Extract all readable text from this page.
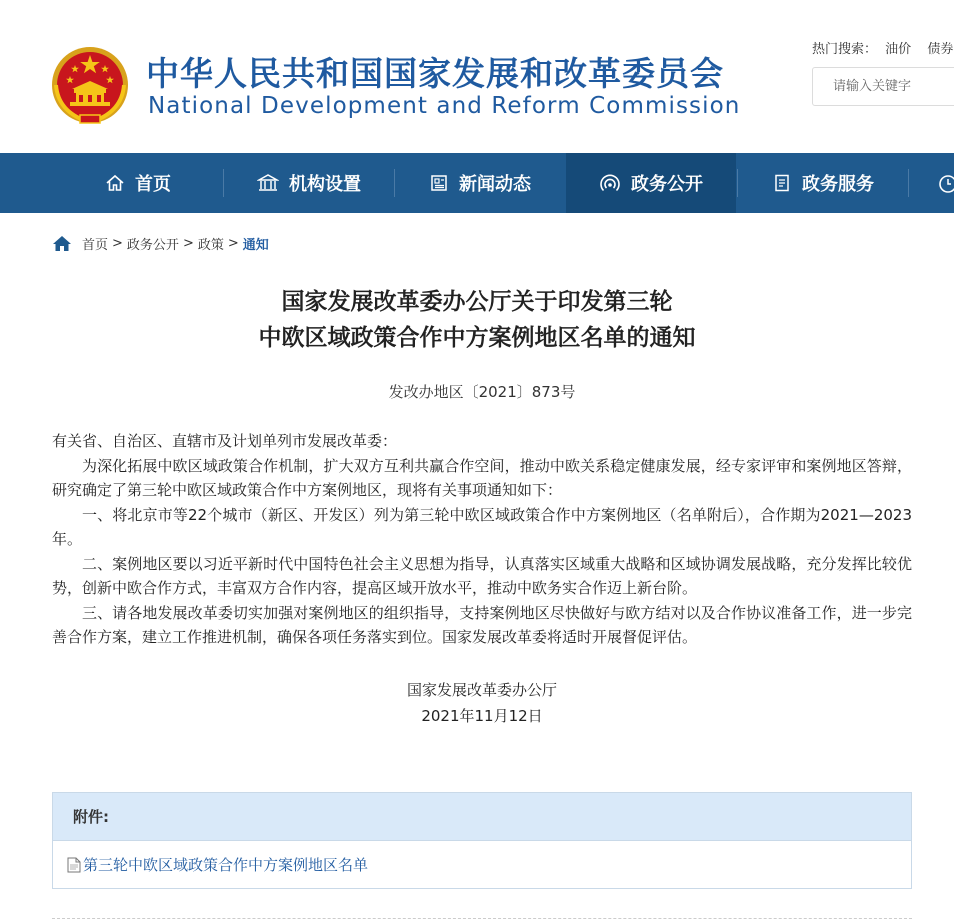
中华人民共和国国家发展和改革委员会
National Development and Reform Commission
热门搜索： 油价 债券
请输入关键字
首页	机构设置	新闻动态	政务公开	政务服务
首页 > 政务公开 > 政策 > 通知
国家发展改革委办公厅关于印发第三轮
中欧区域政策合作中方案例地区名单的通知
发改办地区〔2021〕873号

有关省、自治区、直辖市及计划单列市发展改革委：

为深化拓展中欧区域政策合作机制，扩大双方互利共赢合作空间，推动中欧关系稳定健康发展，经专家评审和案例地区答辩，研究确定了第三轮中欧区域政策合作中方案例地区，现将有关事项通知如下：

一、将北京市等22个城市（新区、开发区）列为第三轮中欧区域政策合作中方案例地区（名单附后），合作期为2021—2023年。

二、案例地区要以习近平新时代中国特色社会主义思想为指导，认真落实区域重大战略和区域协调发展战略，充分发挥比较优势，创新中欧合作方式，丰富双方合作内容，提高区域开放水平，推动中欧务实合作迈上新台阶。

三、请各地发展改革委切实加强对案例地区的组织指导，支持案例地区尽快做好与欧方结对以及合作协议准备工作，进一步完善合作方案，建立工作推进机制，确保各项任务落实到位。国家发展改革委将适时开展督促评估。

国家发展改革委办公厅
2021年11月12日
附件:
第三轮中欧区域政策合作中方案例地区名单
